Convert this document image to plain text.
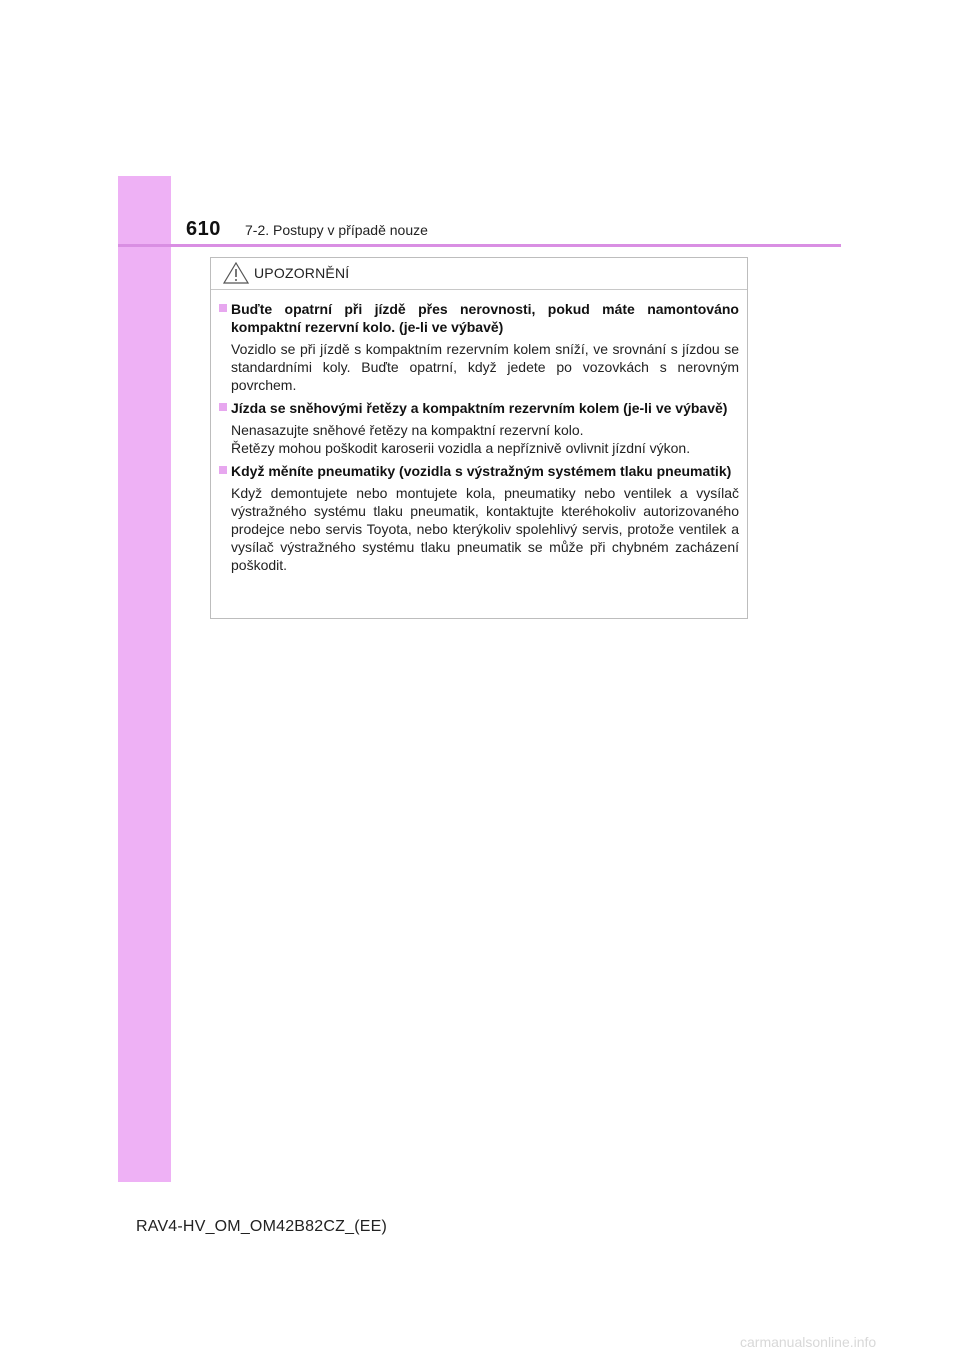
610 7-2. Postupy v případě nouze
UPOZORNĚNÍ
Buďte opatrní při jízdě přes nerovnosti, pokud máte namontováno kompaktní rezervní kolo. (je-li ve výbavě)
Vozidlo se při jízdě s kompaktním rezervním kolem sníží, ve srovnání s jízdou se standardními koly. Buďte opatrní, když jedete po vozovkách s nerovným povrchem.
Jízda se sněhovými řetězy a kompaktním rezervním kolem (je-li ve výbavě)
Nenasazujte sněhové řetězy na kompaktní rezervní kolo.
Řetězy mohou poškodit karoserii vozidla a nepříznivě ovlivnit jízdní výkon.
Když měníte pneumatiky (vozidla s výstražným systémem tlaku pneumatik)
Když demontujete nebo montujete kola, pneumatiky nebo ventilek a vysílač výstražného systému tlaku pneumatik, kontaktujte kteréhokoliv autorizovaného prodejce nebo servis Toyota, nebo kterýkoliv spolehlivý servis, protože ventilek a vysílač výstražného systému tlaku pneumatik se může při chybném zacházení poškodit.
RAV4-HV_OM_OM42B82CZ_(EE)
carmanualsonline.info
